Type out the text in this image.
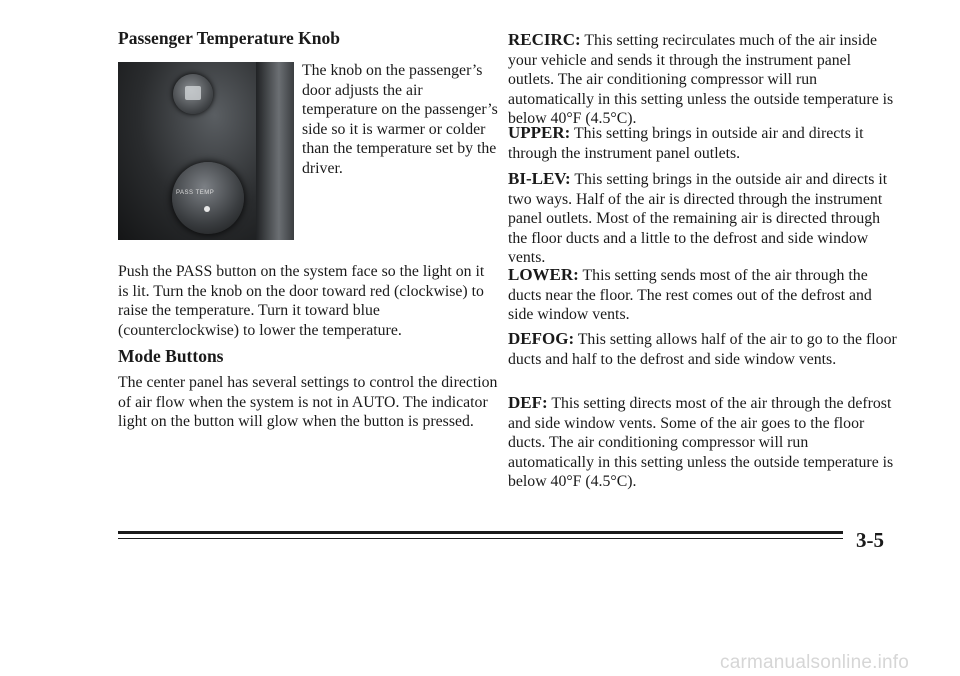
Passenger Temperature Knob
PASS TEMP

The knob on the passenger’s door adjusts the air temperature on the passenger’s side so it is warmer or colder than the temperature set by the driver.

Push the PASS button on the system face so the light on it is lit. Turn the knob on the door toward red (clockwise) to raise the temperature. Turn it toward blue (counterclockwise) to lower the temperature.

Mode Buttons

The center panel has several settings to control the direction of air flow when the system is not in AUTO. The indicator light on the button will glow when the button is pressed.

RECIRC: This setting recirculates much of the air inside your vehicle and sends it through the instrument panel outlets. The air conditioning compressor will run automatically in this setting unless the outside temperature is below 40°F (4.5°C).

UPPER: This setting brings in outside air and directs it through the instrument panel outlets.

BI-LEV: This setting brings in the outside air and directs it two ways. Half of the air is directed through the instrument panel outlets. Most of the remaining air is directed through the floor ducts and a little to the defrost and side window vents.

LOWER: This setting sends most of the air through the ducts near the floor. The rest comes out of the defrost and side window vents.

DEFOG: This setting allows half of the air to go to the floor ducts and half to the defrost and side window vents.

DEF: This setting directs most of the air through the defrost and side window vents. Some of the air goes to the floor ducts. The air conditioning compressor will run automatically in this setting unless the outside temperature is below 40°F (4.5°C).

3-5
carmanualsonline.info
